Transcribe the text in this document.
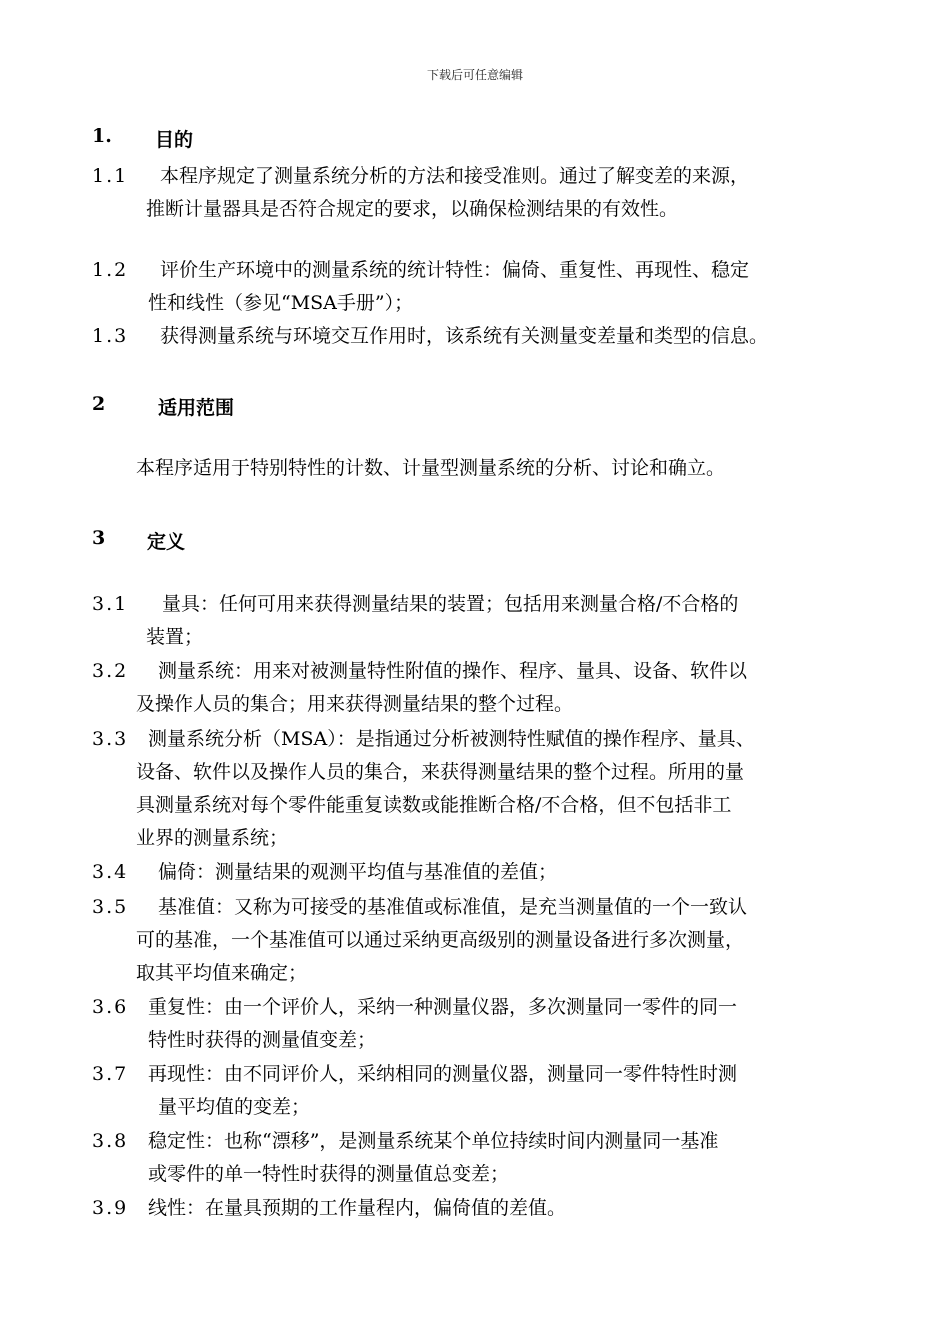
下载后可任意编辑
1. 目的
1.1 本程序规定了测量系统分析的方法和接受准则。通过了解变差的来源，
推断计量器具是否符合规定的要求，以确保检测结果的有效性。
1.2 评价生产环境中的测量系统的统计特性：偏倚、重复性、再现性、稳定
性和线性（参见“MSA手册”）；
1.3 获得测量系统与环境交互作用时，该系统有关测量变差量和类型的信息。
2	适用范围
本程序适用于特别特性的计数、计量型测量系统的分析、讨论和确立。
3 定义
3.1 量具：任何可用来获得测量结果的装置；包括用来测量合格/不合格的
装置；
3.2 测量系统：用来对被测量特性附值的操作、程序、量具、设备、软件以
及操作人员的集合；用来获得测量结果的整个过程。
3.3 测量系统分析（MSA）：是指通过分析被测特性赋值的操作程序、量具、
设备、软件以及操作人员的集合，来获得测量结果的整个过程。所用的量
具测量系统对每个零件能重复读数或能推断合格/不合格，但不包括非工
业界的测量系统；
3.4 偏倚：测量结果的观测平均值与基准值的差值；
3.5 基准值：又称为可接受的基准值或标准值，是充当测量值的一个一致认
可的基准，一个基准值可以通过采纳更高级别的测量设备进行多次测量，
取其平均值来确定；
3.6 重复性：由一个评价人，采纳一种测量仪器，多次测量同一零件的同一
特性时获得的测量值变差；
3.7 再现性：由不同评价人，采纳相同的测量仪器，测量同一零件特性时测
量平均值的变差；
3.8 稳定性：也称“漂移”，是测量系统某个单位持续时间内测量同一基准
或零件的单一特性时获得的测量值总变差；
3.9 线性：在量具预期的工作量程内，偏倚值的差值。
